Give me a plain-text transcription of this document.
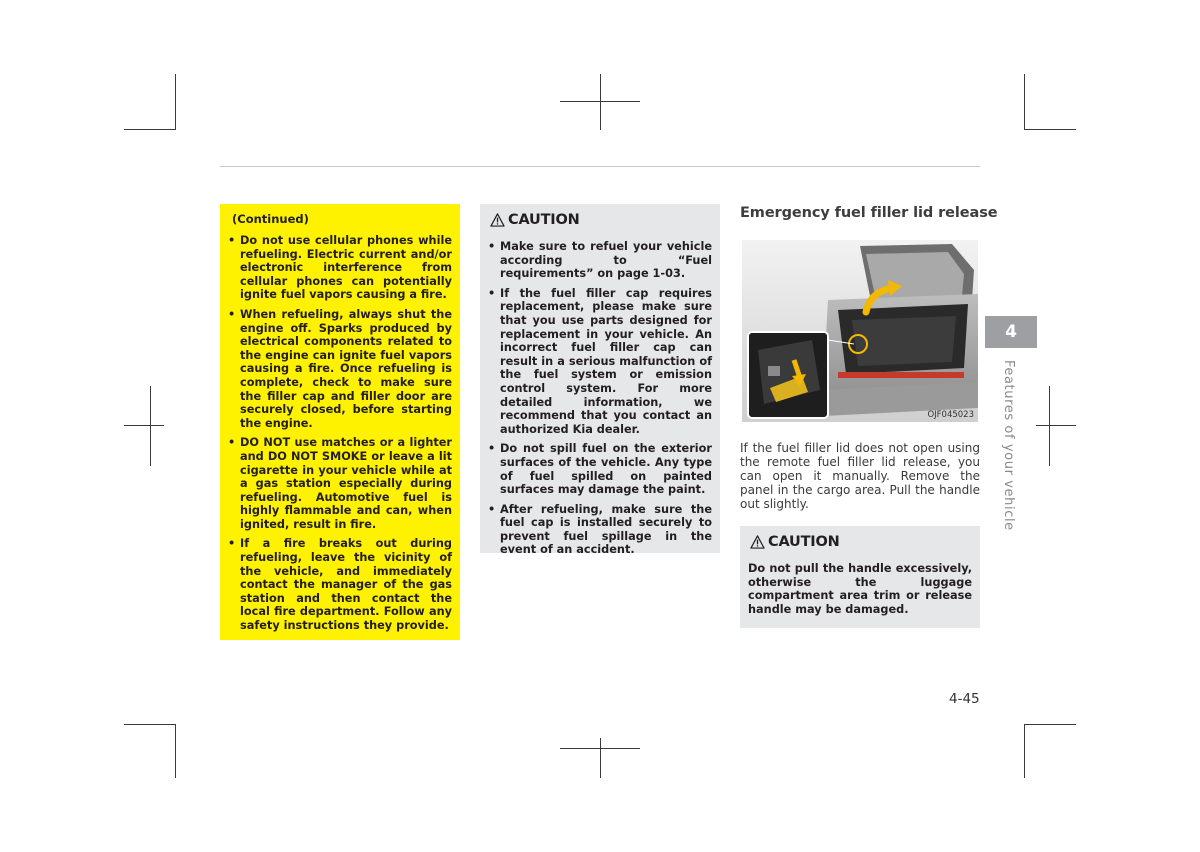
(Continued)
• Do not use cellular phones while refueling. Electric current and/or electronic interference from cellular phones can potentially ignite fuel vapors causing a fire.
• When refueling, always shut the engine off. Sparks produced by electrical components related to the engine can ignite fuel vapors causing a fire. Once refueling is complete, check to make sure the filler cap and filler door are securely closed, before starting the engine.
• DO NOT use matches or a lighter and DO NOT SMOKE or leave a lit cigarette in your vehicle while at a gas station especially during refueling. Automotive fuel is highly flammable and can, when ignited, result in fire.
• If a fire breaks out during refueling, leave the vicinity of the vehicle, and immediately contact the manager of the gas station and then contact the local fire department. Follow any safety instructions they provide.
CAUTION
• Make sure to refuel your vehicle according to “Fuel requirements” on page 1-03.
• If the fuel filler cap requires replacement, please make sure that you use parts designed for replacement in your vehicle. An incorrect fuel filler cap can result in a serious malfunction of the fuel system or emission control system. For more detailed information, we recommend that you contact an authorized Kia dealer.
• Do not spill fuel on the exterior surfaces of the vehicle. Any type of fuel spilled on painted surfaces may damage the paint.
• After refueling, make sure the fuel cap is installed securely to prevent fuel spillage in the event of an accident.
Emergency fuel filler lid release
OJF045023

If the fuel filler lid does not open using the remote fuel filler lid release, you can open it manually. Remove the panel in the cargo area. Pull the handle out slightly.

CAUTION

Do not pull the handle excessively, otherwise the luggage compartment area trim or release handle may be damaged.

4
Features of your vehicle
4-45
